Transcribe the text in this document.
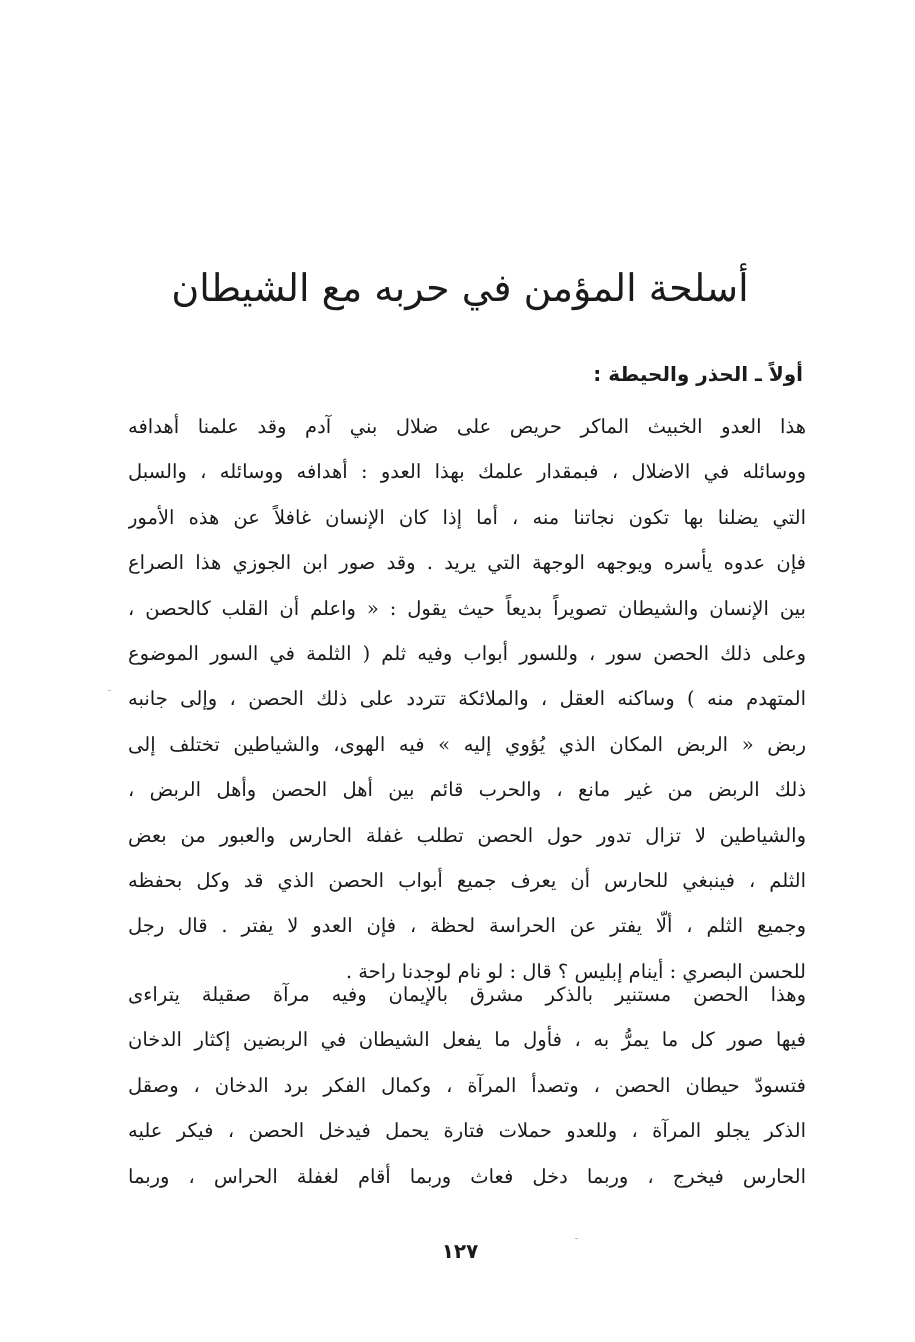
أسلحة المؤمن في حربه مع الشيطان
أولاً ـ الحذر والحيطة :
هذا العدو الخبيث الماكر حريص على ضلال بني آدم وقد علمنا أهدافه
ووسائله في الاضلال ، فبمقدار علمك بهذا العدو : أهدافه ووسائله ، والسبل
التي يضلنا بها تكون نجاتنا منه ، أما إذا كان الإنسان غافلاً عن هذه الأمور
فإن عدوه يأسره ويوجهه الوجهة التي يريد . وقد صور ابن الجوزي هذا الصراع
بين الإنسان والشيطان تصويراً بديعاً حيث يقول : « واعلم أن القلب كالحصن ،
وعلى ذلك الحصن سور ، وللسور أبواب وفيه ثلم ( الثلمة في السور الموضوع
المتهدم منه ) وساكنه العقل ، والملائكة تتردد على ذلك الحصن ، وإلى جانبه
ربض « الربض المكان الذي يُؤوي إليه » فيه الهوى، والشياطين تختلف إلى
ذلك الربض من غير مانع ، والحرب قائم بين أهل الحصن وأهل الربض ،
والشياطين لا تزال تدور حول الحصن تطلب غفلة الحارس والعبور من بعض
الثلم ، فينبغي للحارس أن يعرف جميع أبواب الحصن الذي قد وكل بحفظه
وجميع الثلم ، ألّا يفتر عن الحراسة لحظة ، فإن العدو لا يفتر . قال رجل
للحسن البصري : أينام إبليس ؟ قال : لو نام لوجدنا راحة .
وهذا الحصن مستنير بالذكر مشرق بالإيمان وفيه مرآة صقيلة يتراءى
فيها صور كل ما يمرُّ به ، فأول ما يفعل الشيطان في الربضين إكثار الدخان
فتسودّ حيطان الحصن ، وتصدأ المرآة ، وكمال الفكر برد الدخان ، وصقل
الذكر يجلو المرآة ، وللعدو حملات فتارة يحمل فيدخل الحصن ، فيكر عليه
الحارس فيخرج ، وربما دخل فعاث وربما أقام لغفلة الحراس ، وربما
١٢٧
